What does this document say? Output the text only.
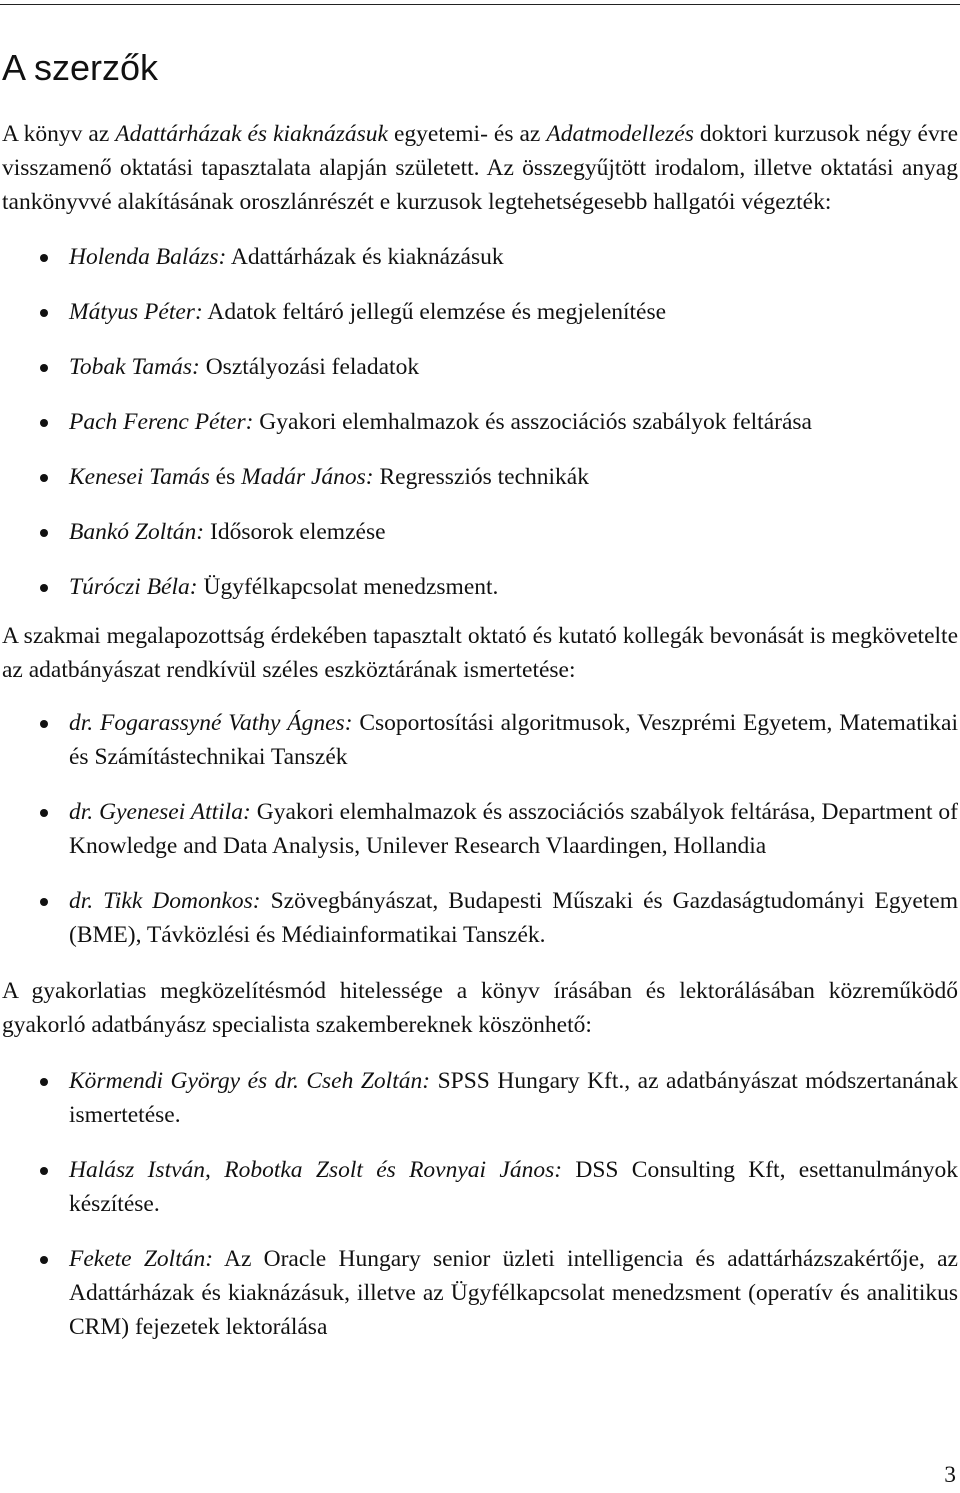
A szerzők

A könyv az Adattárházak és kiaknázásuk egyetemi- és az Adatmodellezés doktori kurzusok négy évre visszamenő oktatási tapasztalata alapján született. Az összegyűjtött irodalom, illetve oktatási anyag tankönyvvé alakításának oroszlánrészét e kurzusok legtehetségesebb hallgatói végezték:

Holenda Balázs: Adattárházak és kiaknázásuk
Mátyus Péter: Adatok feltáró jellegű elemzése és megjelenítése
Tobak Tamás: Osztályozási feladatok
Pach Ferenc Péter: Gyakori elemhalmazok és asszociációs szabályok feltárása
Kenesei Tamás és Madár János: Regressziós technikák
Bankó Zoltán: Idősorok elemzése
Túróczi Béla: Ügyfélkapcsolat menedzsment.

A szakmai megalapozottság érdekében tapasztalt oktató és kutató kollegák bevonását is megkövetelte az adatbányászat rendkívül széles eszköztárának ismertetése:

dr. Fogarassyné Vathy Ágnes: Csoportosítási algoritmusok, Veszprémi Egyetem, Matematikai és Számítástechnikai Tanszék
dr. Gyenesei Attila: Gyakori elemhalmazok és asszociációs szabályok feltárása, Department of Knowledge and Data Analysis, Unilever Research Vlaardingen, Hollandia
dr. Tikk Domonkos: Szövegbányászat, Budapesti Műszaki és Gazdaságtudományi Egyetem (BME), Távközlési és Médiainformatikai Tanszék.

A gyakorlatias megközelítésmód hitelessége a könyv írásában és lektorálásában közreműködő gyakorló adatbányász specialista szakembereknek köszönhető:

Körmendi György és dr. Cseh Zoltán: SPSS Hungary Kft., az adatbányászat módszertanának ismertetése.
Halász István, Robotka Zsolt és Rovnyai János: DSS Consulting Kft, esettanulmányok készítése.
Fekete Zoltán: Az Oracle Hungary senior üzleti intelligencia és adattárházszakértője, az Adattárházak és kiaknázásuk, illetve az Ügyfélkapcsolat menedzsment (operatív és analitikus CRM) fejezetek lektorálása
3
